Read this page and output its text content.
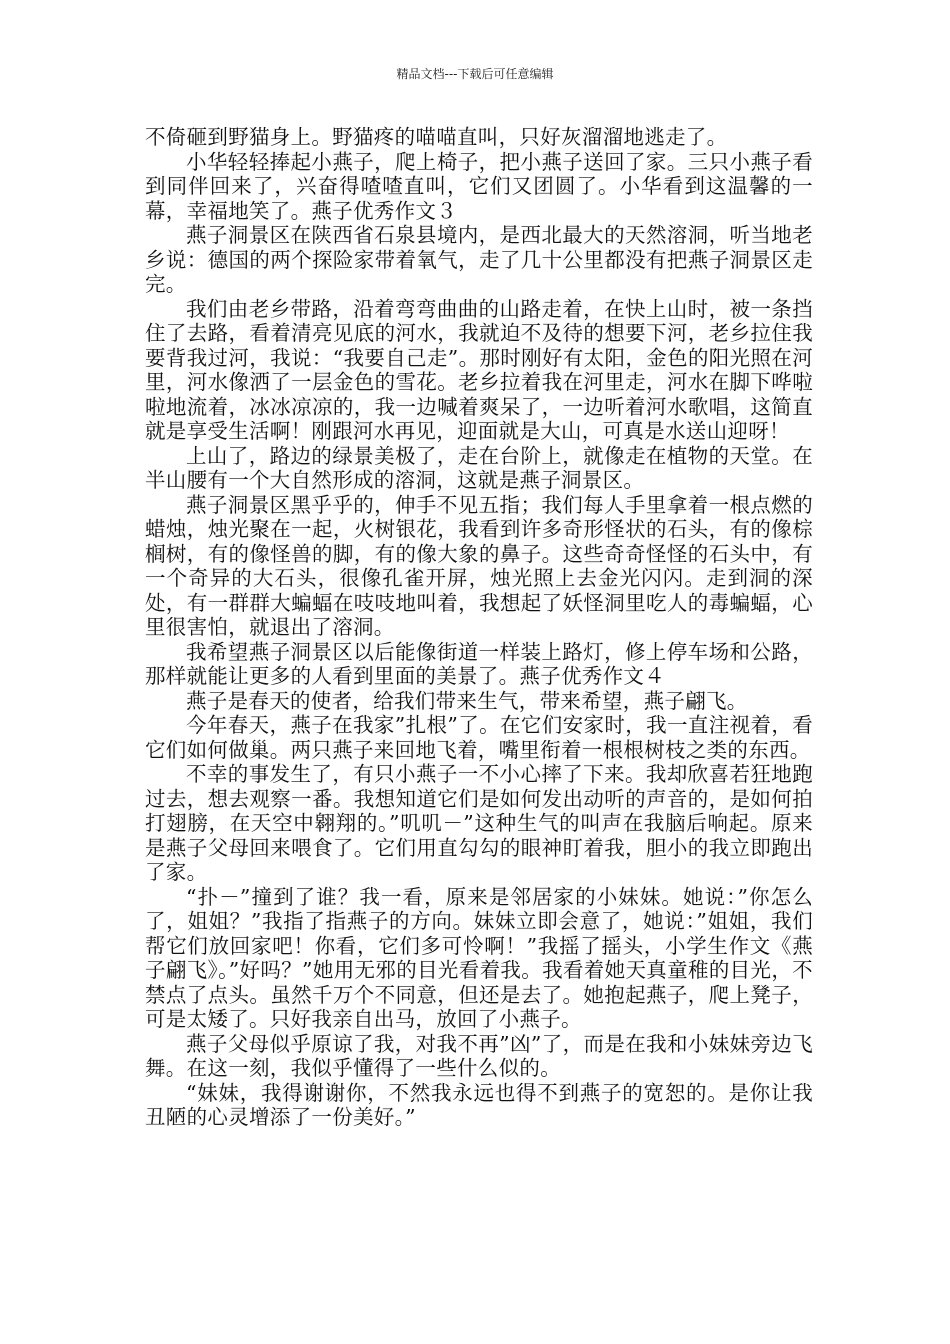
精品文档---下载后可任意编辑

不倚砸到野猫身上。野猫疼的喵喵直叫，只好灰溜溜地逃走了。

小华轻轻捧起小燕子，爬上椅子，把小燕子送回了家。三只小燕子看到同伴回来了，兴奋得喳喳直叫，它们又团圆了。小华看到这温馨的一幕，幸福地笑了。燕子优秀作文３

燕子洞景区在陕西省石泉县境内，是西北最大的天然溶洞，听当地老乡说：德国的两个探险家带着氧气，走了几十公里都没有把燕子洞景区走完。

我们由老乡带路，沿着弯弯曲曲的山路走着，在快上山时，被一条挡住了去路，看着清亮见底的河水，我就迫不及待的想要下河，老乡拉住我要背我过河，我说：“我要自己走”。那时刚好有太阳，金色的阳光照在河里，河水像洒了一层金色的雪花。老乡拉着我在河里走，河水在脚下哗啦啦地流着，冰冰凉凉的，我一边喊着爽呆了，一边听着河水歌唱，这简直就是享受生活啊！刚跟河水再见，迎面就是大山，可真是水送山迎呀！

上山了，路边的绿景美极了，走在台阶上，就像走在植物的天堂。在半山腰有一个大自然形成的溶洞，这就是燕子洞景区。

燕子洞景区黑乎乎的，伸手不见五指；我们每人手里拿着一根点燃的蜡烛，烛光聚在一起，火树银花，我看到许多奇形怪状的石头，有的像棕榈树，有的像怪兽的脚，有的像大象的鼻子。这些奇奇怪怪的石头中，有一个奇异的大石头，很像孔雀开屏，烛光照上去金光闪闪。走到洞的深处，有一群群大蝙蝠在吱吱地叫着，我想起了妖怪洞里吃人的毒蝙蝠，心里很害怕，就退出了溶洞。

我希望燕子洞景区以后能像街道一样装上路灯，修上停车场和公路，那样就能让更多的人看到里面的美景了。燕子优秀作文４

燕子是春天的使者，给我们带来生气，带来希望，燕子翩飞。

今年春天，燕子在我家”扎根”了。在它们安家时，我一直注视着，看它们如何做巢。两只燕子来回地飞着，嘴里衔着一根根树枝之类的东西。

不幸的事发生了，有只小燕子一不小心摔了下来。我却欣喜若狂地跑过去，想去观察一番。我想知道它们是如何发出动听的声音的，是如何拍打翅膀，在天空中翱翔的。”叽叽－”这种生气的叫声在我脑后响起。原来是燕子父母回来喂食了。它们用直勾勾的眼神盯着我，胆小的我立即跑出了家。

“扑－”撞到了谁？我一看，原来是邻居家的小妹妹。她说：”你怎么了，姐姐？”我指了指燕子的方向。妹妹立即会意了，她说：”姐姐，我们帮它们放回家吧！你看，它们多可怜啊！”我摇了摇头，小学生作文《燕子翩飞》。”好吗？”她用无邪的目光看着我。我看着她天真童稚的目光，不禁点了点头。虽然千万个不同意，但还是去了。她抱起燕子，爬上凳子，可是太矮了。只好我亲自出马，放回了小燕子。

燕子父母似乎原谅了我，对我不再”凶”了，而是在我和小妹妹旁边飞舞。在这一刻，我似乎懂得了一些什么似的。

“妹妹，我得谢谢你，不然我永远也得不到燕子的宽恕的。是你让我丑陋的心灵增添了一份美好。”
